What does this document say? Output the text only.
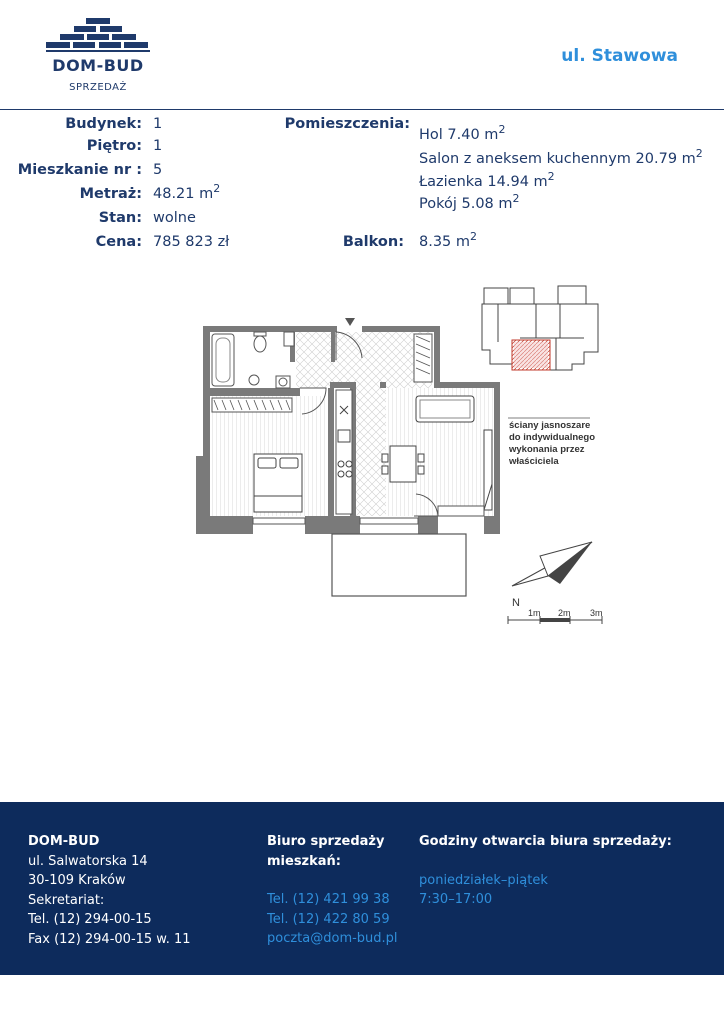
DOM-BUD
SPRZEDAŻ
ul. Stawowa
Budynek: 1
Piętro: 1
Mieszkanie nr : 5
Metraż: 48.21 $m^2$
Stan: wolne
Cena: 785 823 zł
Pomieszczenia:
Hol 7.40 $m^2$
Salon z aneksem kuchennym 20.79 $m^2$
Łazienka 14.94 $m^2$
Pokój 5.08 $m^2$
Balkon: 8.35 $m^2$
ściany jasnoszare
do indywidualnego
wykonania przez
właściciela
N
1m 2m 3m
DOM-BUD
ul. Salwatorska 14
30-109 Kraków
Sekretariat:
Tel. (12) 294-00-15
Fax (12) 294-00-15 w. 11
Biuro sprzedaży
mieszkań:
Tel. (12) 421 99 38
Tel. (12) 422 80 59
poczta@dom-bud.pl
Godziny otwarcia biura sprzedaży:
poniedziałek–piątek
7:30–17:00
